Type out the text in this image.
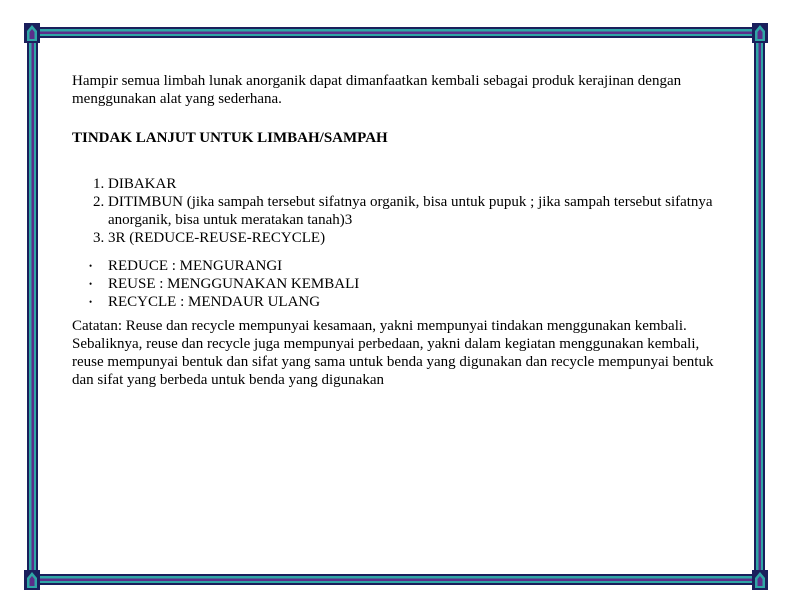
Hampir semua limbah lunak anorganik dapat dimanfaatkan kembali sebagai produk kerajinan dengan menggunakan alat yang sederhana.

TINDAK LANJUT UNTUK LIMBAH/SAMPAH

1. DIBAKAR
2. DITIMBUN (jika sampah tersebut sifatnya organik, bisa untuk pupuk ; jika sampah tersebut sifatnya anorganik, bisa untuk meratakan tanah)3
3. 3R (REDUCE-REUSE-RECYCLE)
• REDUCE : MENGURANGI
• REUSE : MENGGUNAKAN KEMBALI
• RECYCLE : MENDAUR ULANG

Catatan: Reuse dan recycle mempunyai kesamaan, yakni mempunyai tindakan menggunakan kembali. Sebaliknya, reuse dan recycle juga mempunyai perbedaan, yakni dalam kegiatan menggunakan kembali, reuse mempunyai bentuk dan sifat yang sama untuk benda yang digunakan dan recycle mempunyai bentuk dan sifat yang berbeda untuk benda yang digunakan
